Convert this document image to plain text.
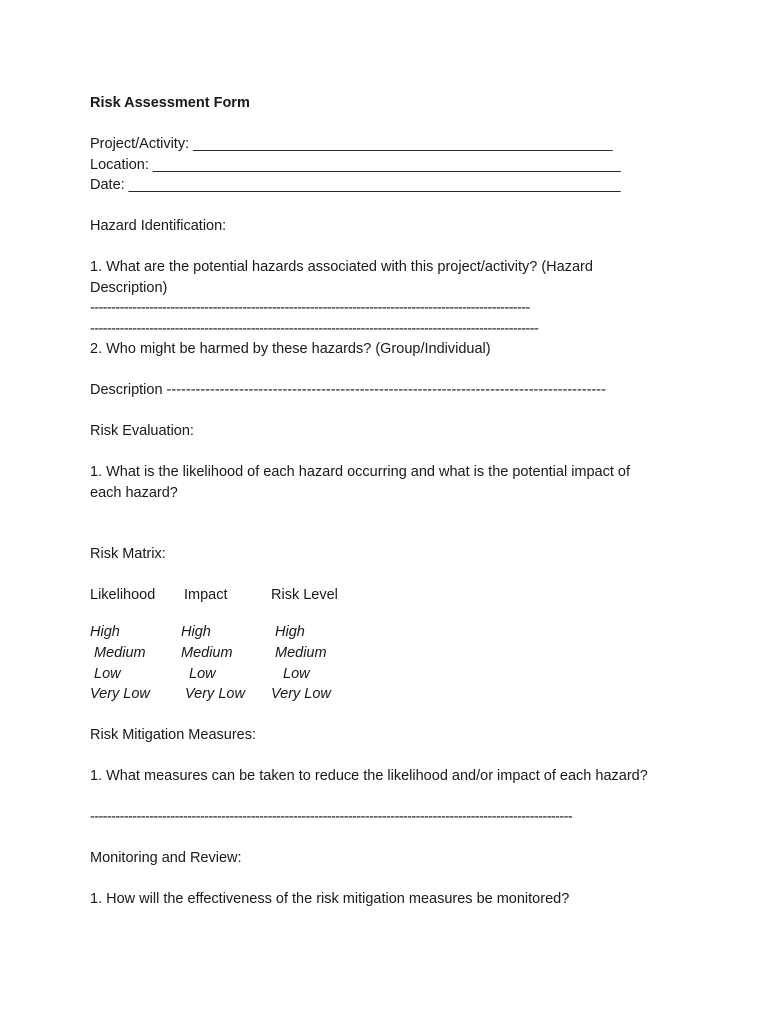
Risk Assessment Form
Project/Activity: ____________________________________________________
Location: __________________________________________________________
Date: _____________________________________________________________
Hazard Identification:
1. What are the potential hazards associated with this project/activity? (Hazard
Description)
--------------------------------------------------------------------------------------------------------
----------------------------------------------------------------------------------------------------------
2. Who might be harmed by these hazards? (Group/Individual)
Description -------------------------------------------------------------------------------------------
Risk Evaluation:
1. What is the likelihood of each hazard occurring and what is the potential impact of
each hazard?
Risk Matrix:
Likelihood Impact	Risk Level
High
Medium
Low
Very Low
High
Medium
Low
Very Low
High
Medium
Low
Very Low
Risk Mitigation Measures:
1. What measures can be taken to reduce the likelihood and/or impact of each hazard?
------------------------------------------------------------------------------------------------------------------
Monitoring and Review:
1. How will the effectiveness of the risk mitigation measures be monitored?
